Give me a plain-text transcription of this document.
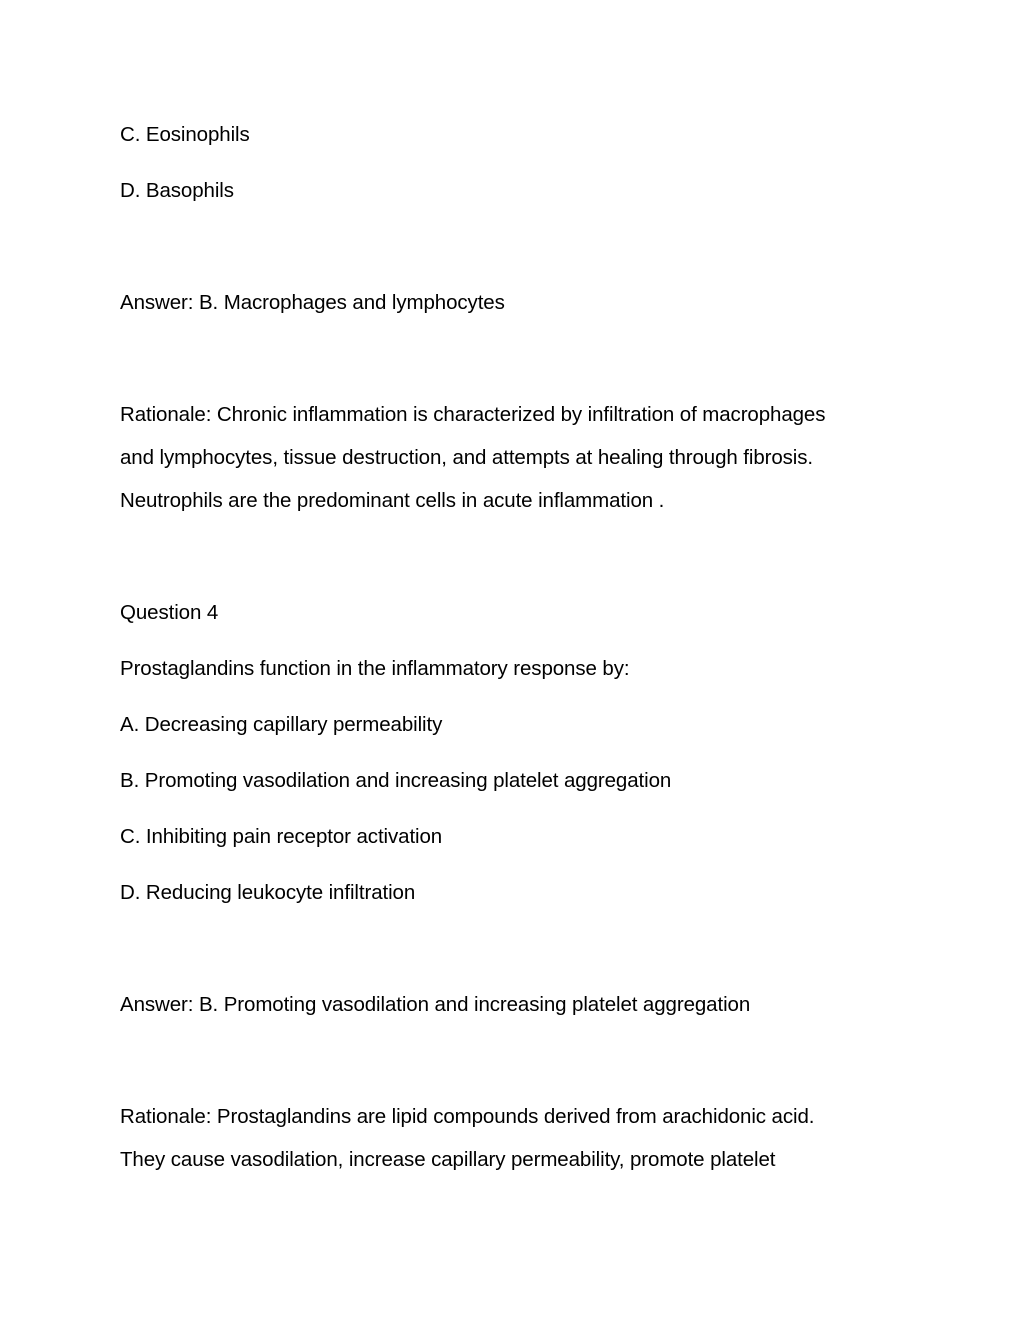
C. Eosinophils
D. Basophils
Answer: B. Macrophages and lymphocytes
Rationale: Chronic inflammation is characterized by infiltration of macrophages
and lymphocytes, tissue destruction, and attempts at healing through fibrosis.
Neutrophils are the predominant cells in acute inflammation .
Question 4
Prostaglandins function in the inflammatory response by:
A. Decreasing capillary permeability
B. Promoting vasodilation and increasing platelet aggregation
C. Inhibiting pain receptor activation
D. Reducing leukocyte infiltration
Answer: B. Promoting vasodilation and increasing platelet aggregation
Rationale: Prostaglandins are lipid compounds derived from arachidonic acid.
They cause vasodilation, increase capillary permeability, promote platelet
